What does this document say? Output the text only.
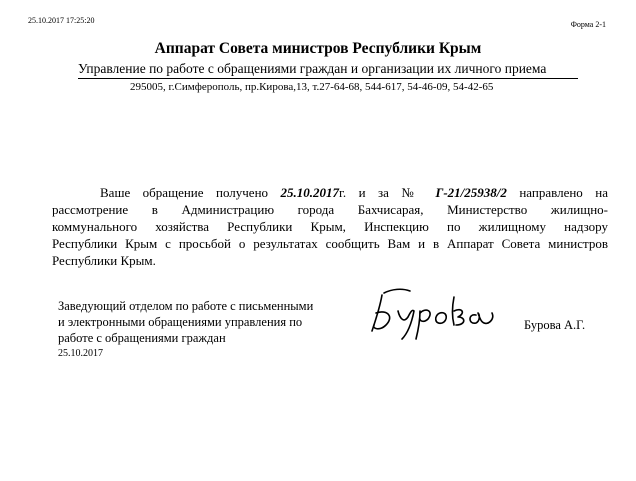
25.10.2017 17:25:20	Форма 2-1
Аппарат Совета министров Республики Крым
Управление по работе с обращениями граждан и организации их личного приема
295005, г.Симферополь, пр.Кирова,13, т.27-64-68, 544-617, 54-46-09, 54-42-65
Ваше обращение получено 25.10.2017г. и за № Г-21/25938/2 направлено на
рассмотрение в Администрацию города Бахчисарая, Министерство жилищно-
коммунального хозяйства Республики Крым, Инспекцию по жилищному надзору
Республики Крым с просьбой о результатах сообщить Вам и в Аппарат Совета министров
Республики Крым.
Заведующий отделом по работе с письменными
и электронными обращениями управления по
работе с обращениями граждан
25.10.2017
Бурова А.Г.
